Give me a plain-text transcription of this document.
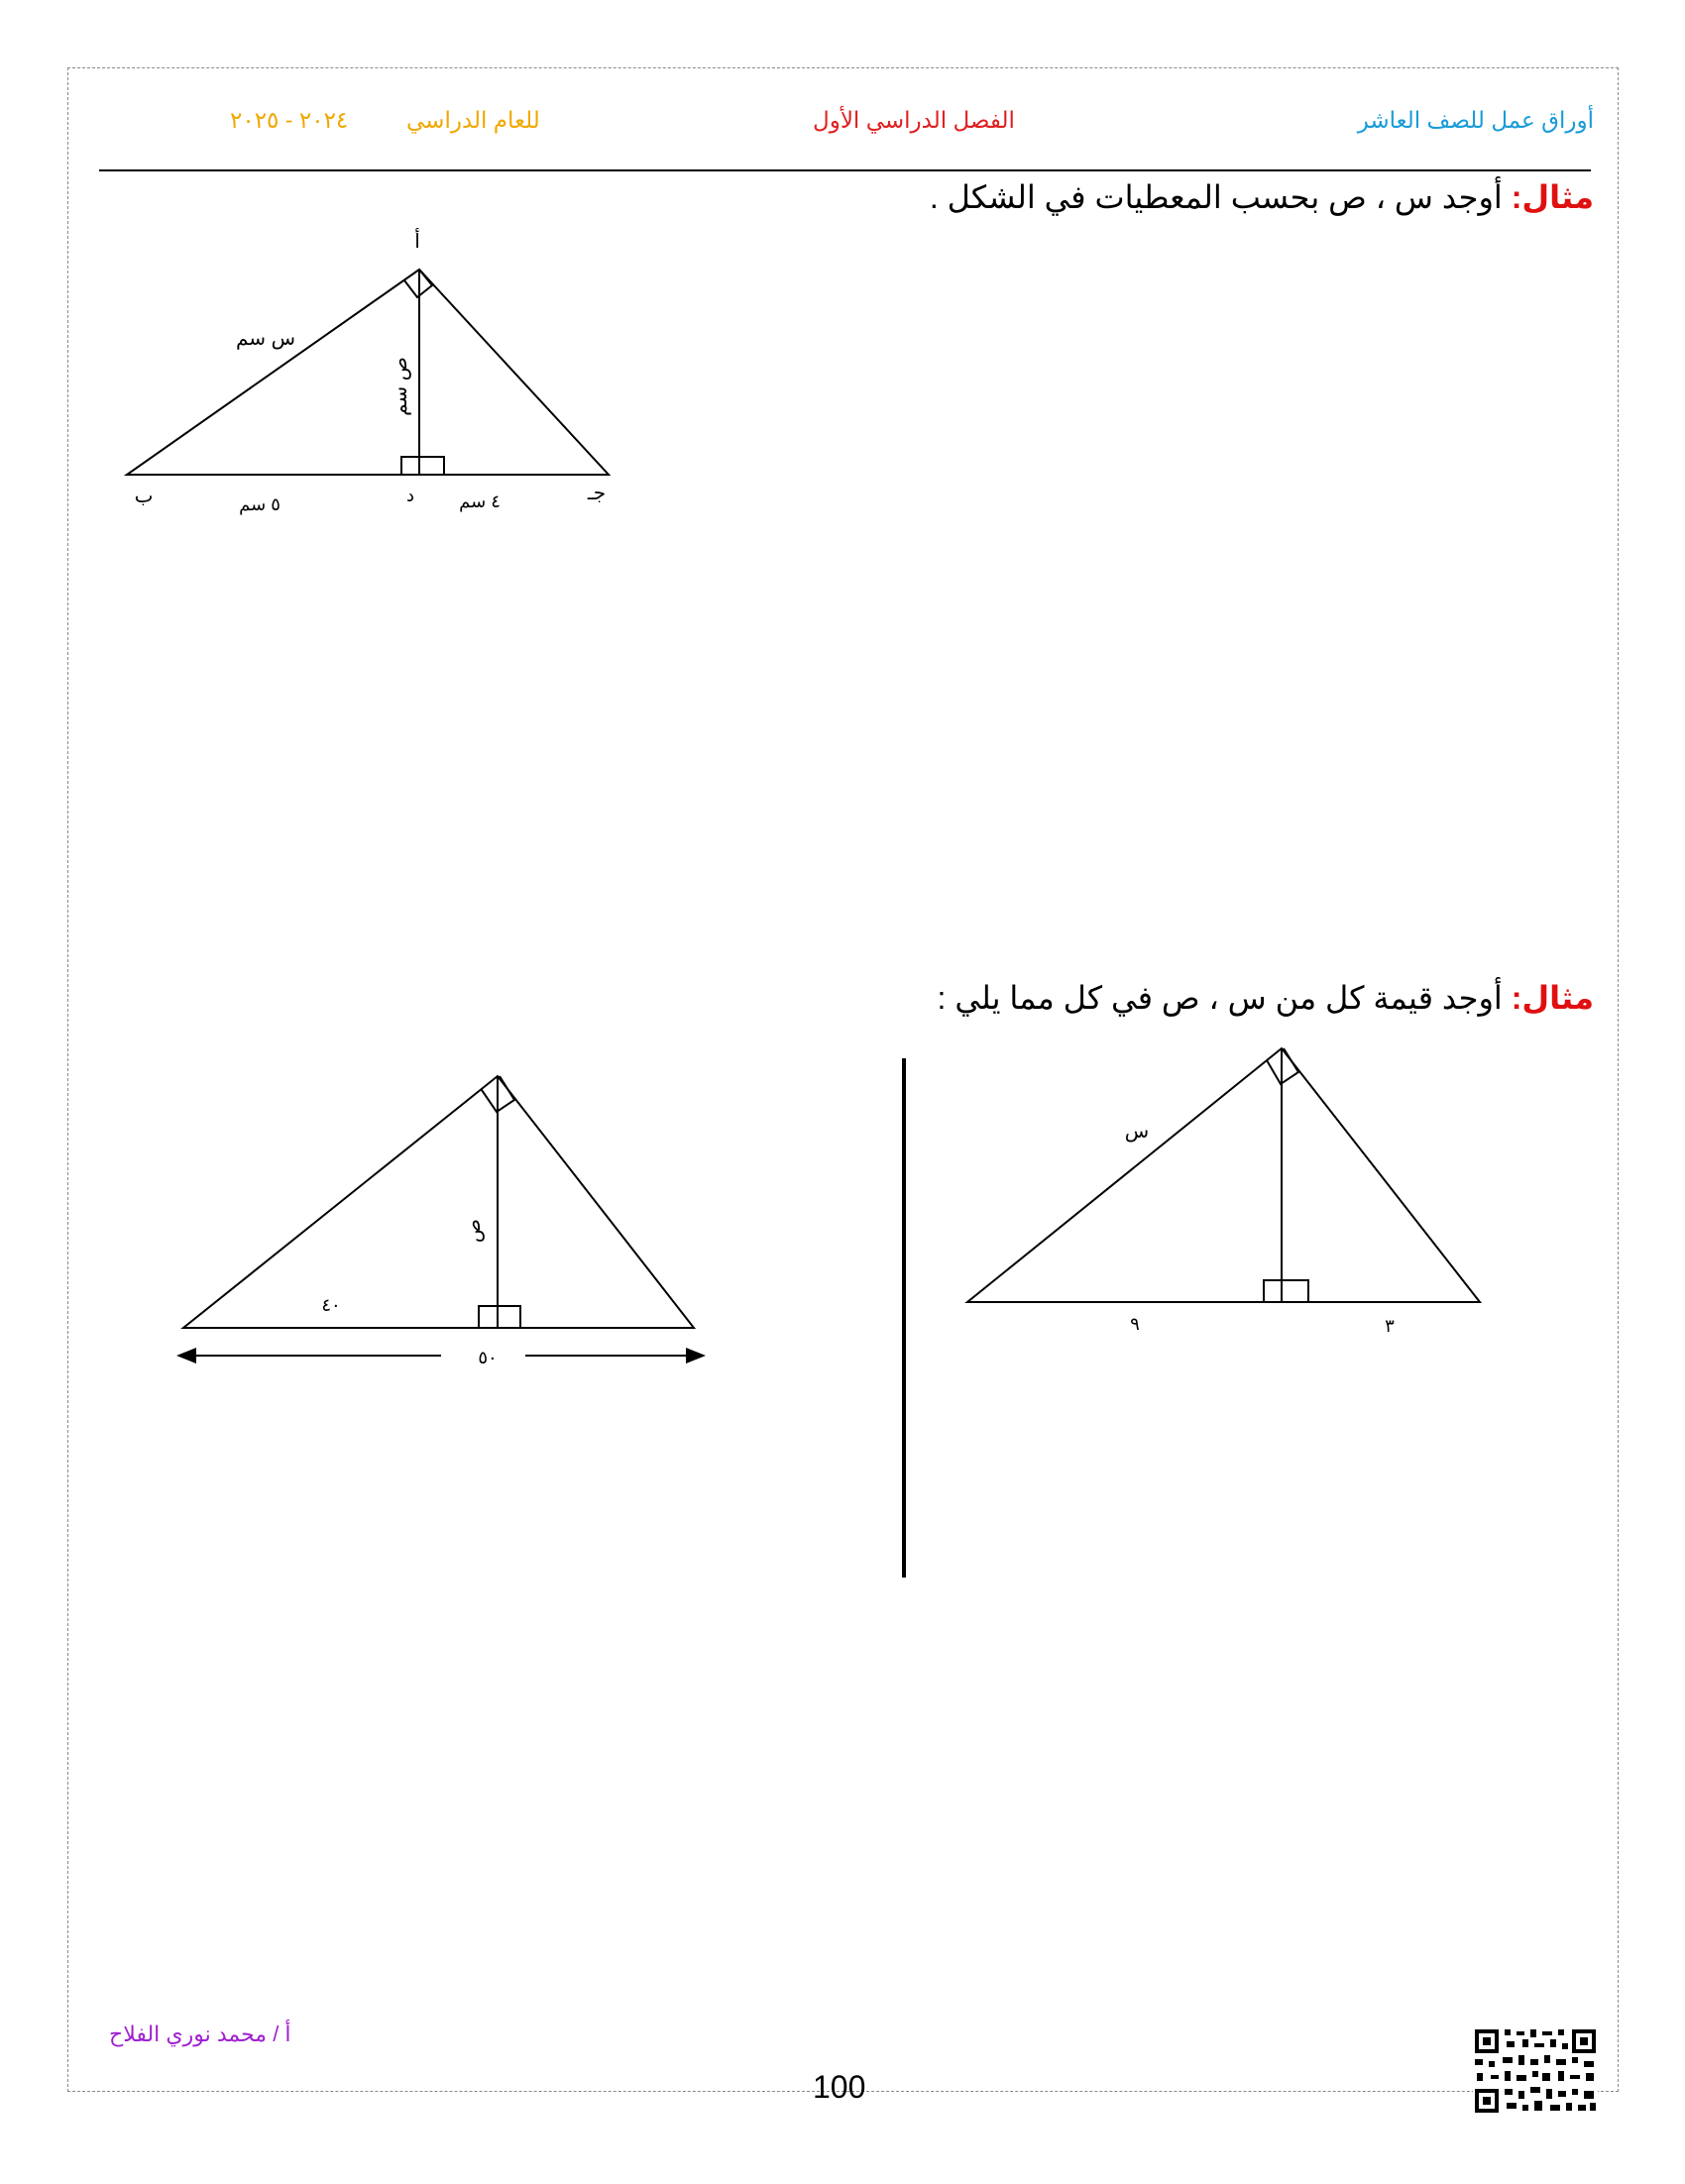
أوراق عمل للصف العاشر
الفصل الدراسي الأول
للعام الدراسي
٢٠٢٤ - ٢٠٢٥
مثال: أوجد س ، ص بحسب المعطيات في الشكل .
مثال: أوجد قيمة كل من س ، ص في كل مما يلي :
أ
ب	جـ
د
س سم
ص سم
٥ سم	٤ سم
س
٩	٣
ص
٤٠
٥٠
أ / محمد نوري الفلاح
100
